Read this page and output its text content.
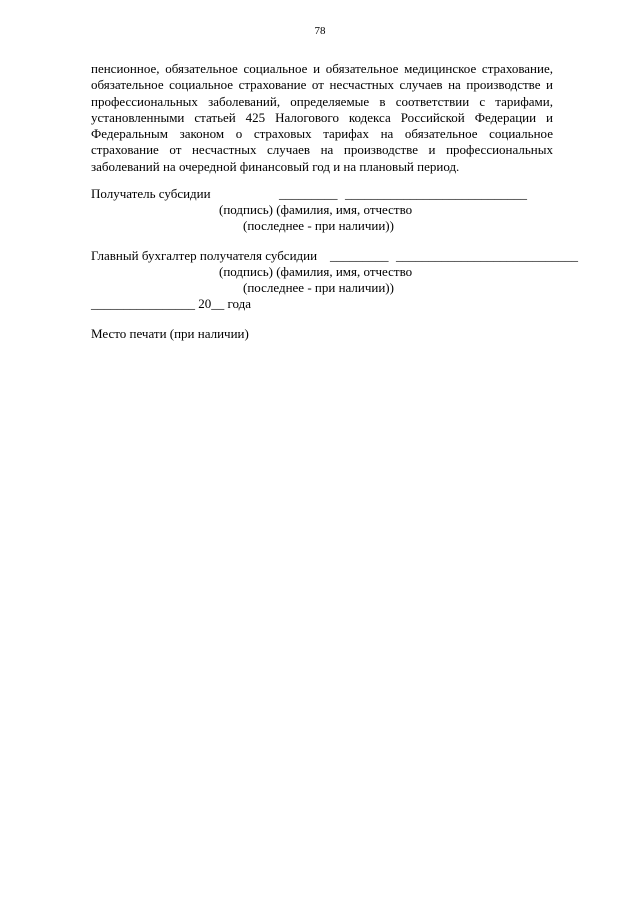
78
пенсионное, обязательное социальное и обязательное медицинское страхование,
обязательное социальное страхование от несчастных случаев на производстве и
профессиональных заболеваний, определяемые в соответствии с тарифами,
установленными статьей 425 Налогового кодекса Российской Федерации и
Федеральным законом о страховых тарифах на обязательное социальное
страхование от несчастных случаев на производстве и профессиональных
заболеваний на очередной финансовый год и на плановый период.
Получатель субсидии	_________ ____________________________
(подпись) (фамилия, имя, отчество
(последнее - при наличии))
Главный бухгалтер получателя субсидии _________ ____________________________
(подпись) (фамилия, имя, отчество
(последнее - при наличии))
________________ 20__ года
Место печати (при наличии)
